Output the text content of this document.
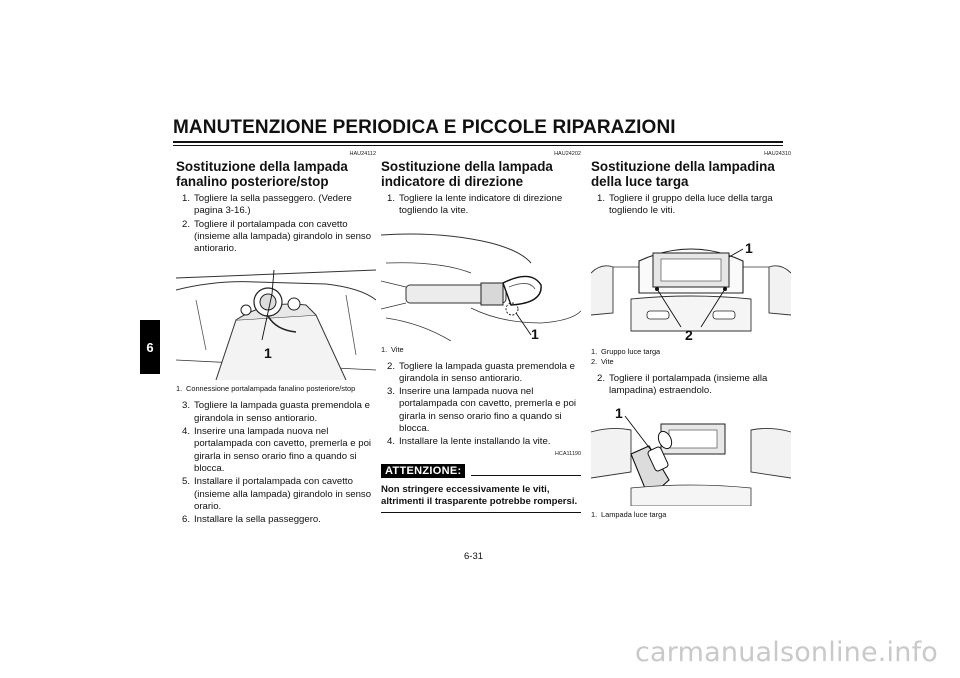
MANUTENZIONE PERIODICA E PICCOLE RIPARAZIONI
6
HAU24112
Sostituzione della lampada fanalino posteriore/stop
1. Togliere la sella passeggero. (Vedere pagina 3-16.)
2. Togliere il portalampada con cavetto (insieme alla lampada) girandolo in senso antiorario.
1
1. Connessione portalampada fanalino posteriore/stop
3. Togliere la lampada guasta premendola e girandola in senso antiorario.
4. Inserire una lampada nuova nel portalampada con cavetto, premerla e poi girarla in senso orario fino a quando si blocca.
5. Installare il portalampada con cavetto (insieme alla lampada) girandolo in senso orario.
6. Installare la sella passeggero.
HAU24202
Sostituzione della lampada indicatore di direzione
1. Togliere la lente indicatore di direzione togliendo la vite.
1
1. Vite
2. Togliere la lampada guasta premendola e girandola in senso antiorario.
3. Inserire una lampada nuova nel portalampada con cavetto, premerla e poi girarla in senso orario fino a quando si blocca.
4. Installare la lente installando la vite.
HCA11190
ATTENZIONE:
Non stringere eccessivamente le viti, altrimenti il trasparente potrebbe rompersi.
HAU24310
Sostituzione della lampadina della luce targa
1. Togliere il gruppo della luce della targa togliendo le viti.
1
2
1. Gruppo luce targa
2. Vite
2. Togliere il portalampada (insieme alla lampadina) estraendolo.
1
1. Lampada luce targa
6-31
carmanualsonline.info
